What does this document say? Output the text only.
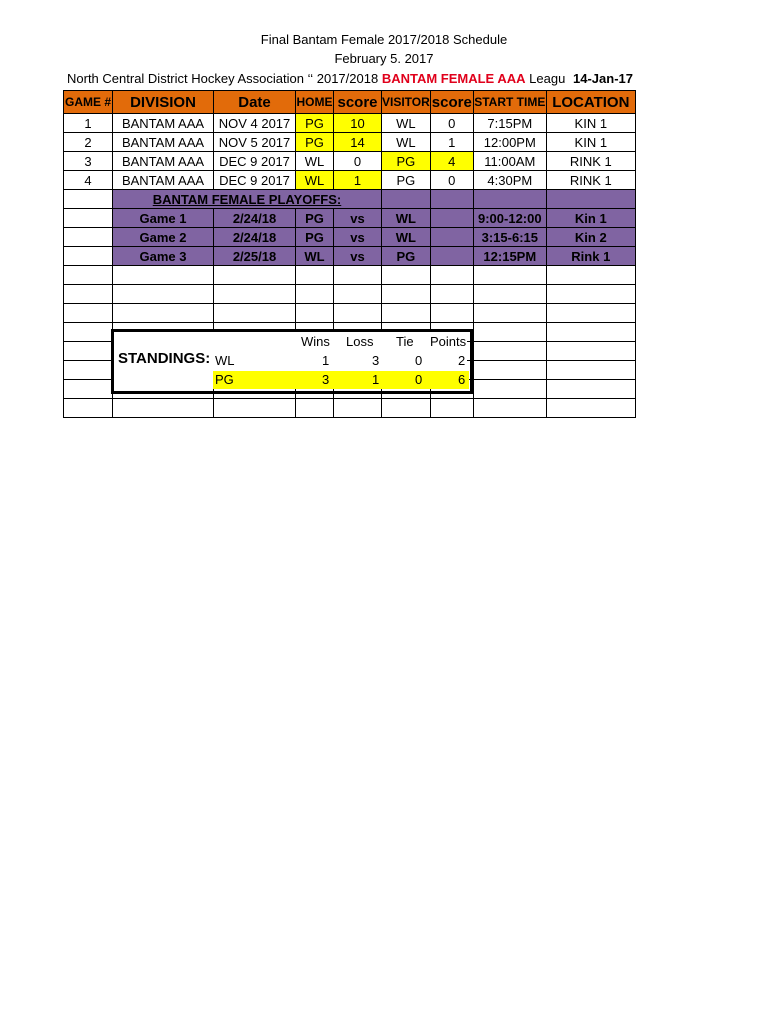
Final Bantam Female 2017/2018 Schedule
February 5. 2017
North Central District Hockey Association ‘‘ 2017/2018 BANTAM FEMALE AAA Leagu 14-Jan-17
GAME #	DIVISION	Date	HOME	score	VISITOR	score	START TIME	LOCATION
1	BANTAM AAA	NOV 4 2017	PG	10	WL	0	7:15PM	KIN 1
2	BANTAM AAA	NOV 5 2017	PG	14	WL	1	12:00PM	KIN 1
3	BANTAM AAA	DEC 9 2017	WL	0	PG	4	11:00AM	RINK 1
4	BANTAM AAA	DEC 9 2017	WL	1	PG	0	4:30PM	RINK 1
	BANTAM FEMALE PLAYOFFS:							
	Game 1	2/24/18	PG	vs	WL		9:00-12:00	Kin 1
	Game 2	2/24/18	PG	vs	WL		3:15-6:15	Kin 2
	Game 3	2/25/18	WL	vs	PG		12:15PM	Rink 1

STANDINGS:
Wins Loss Tie Points
WL	1	3	0	2
PG	3	1	0	6
